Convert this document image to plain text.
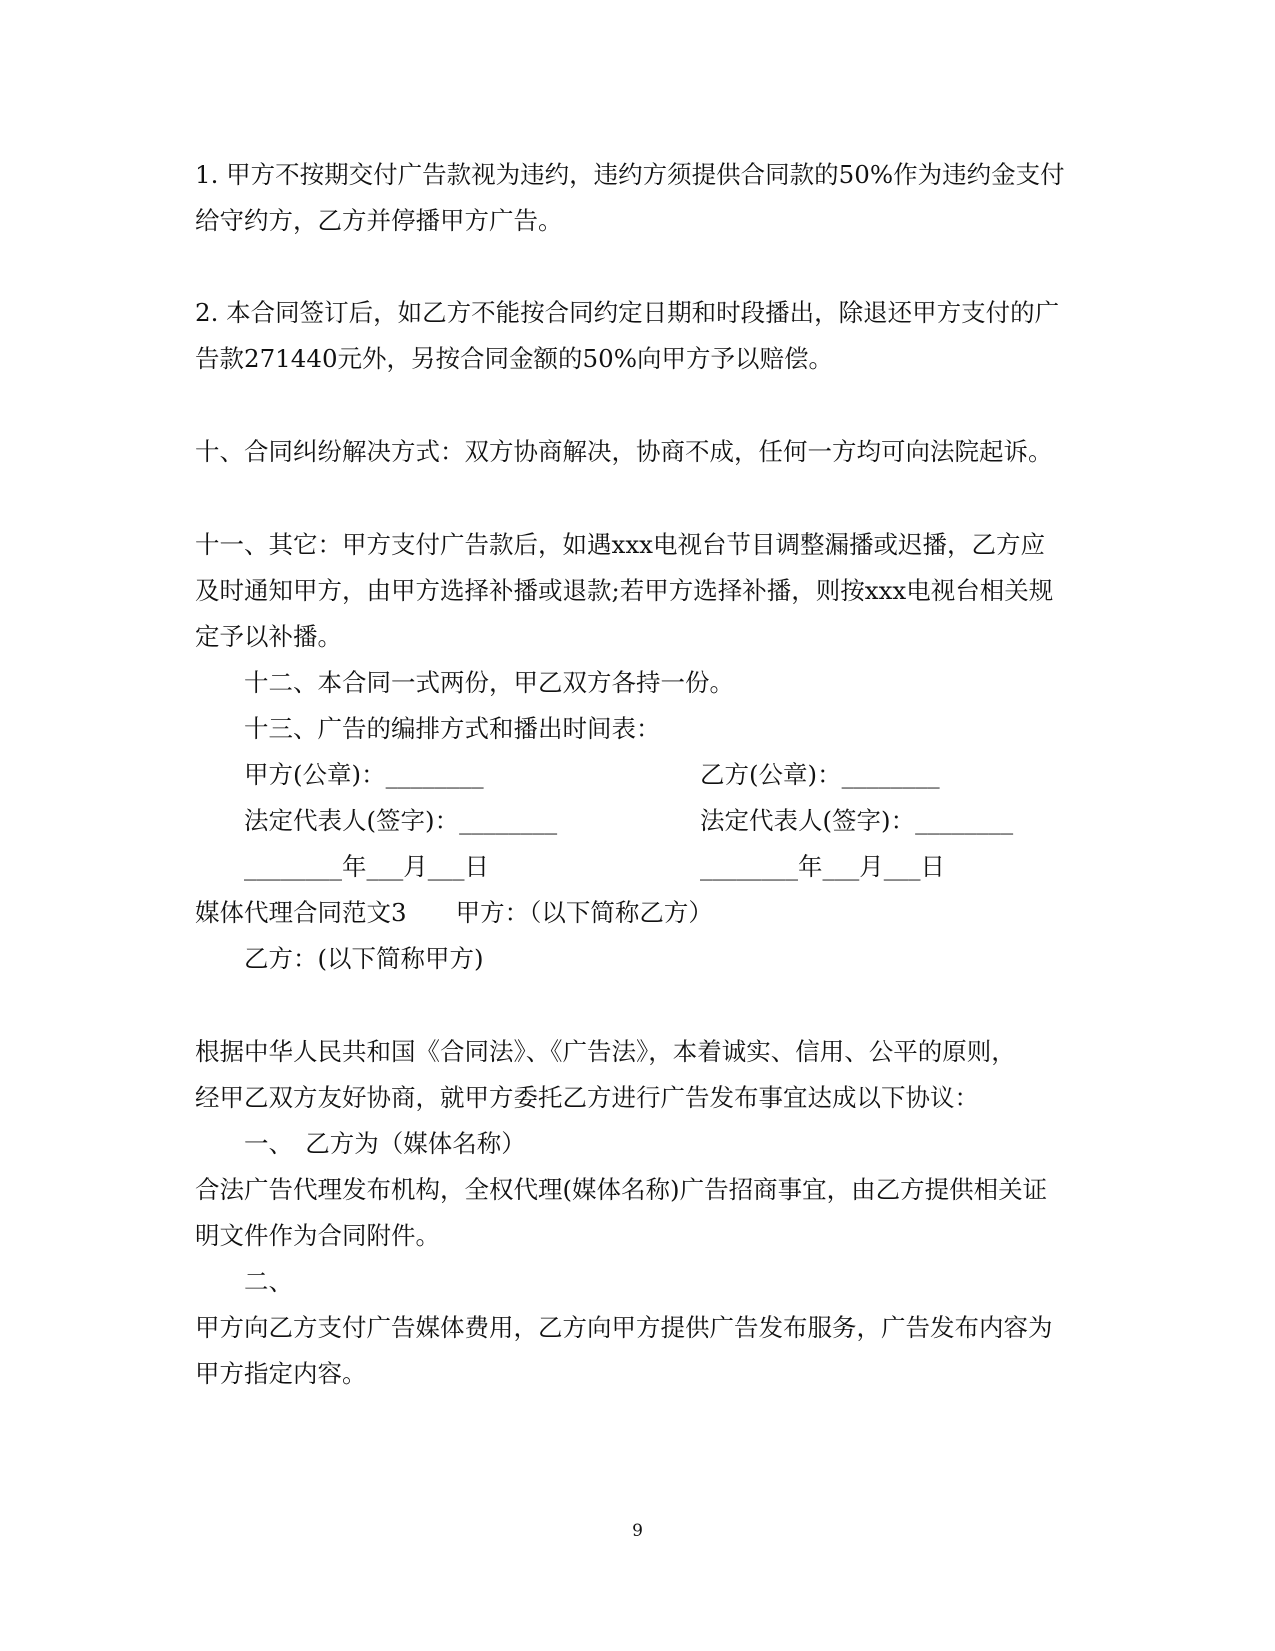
1. 甲方不按期交付广告款视为违约，违约方须提供合同款的50%作为违约金支付
给守约方，乙方并停播甲方广告。
2. 本合同签订后，如乙方不能按合同约定日期和时段播出，除退还甲方支付的广
告款271440元外，另按合同金额的50%向甲方予以赔偿。
十、合同纠纷解决方式：双方协商解决，协商不成，任何一方均可向法院起诉。
十一、其它：甲方支付广告款后，如遇xxx电视台节目调整漏播或迟播，乙方应
及时通知甲方，由甲方选择补播或退款;若甲方选择补播，则按xxx电视台相关规
定予以补播。
十二、本合同一式两份，甲乙双方各持一份。
十三、广告的编排方式和播出时间表：
甲方(公章)：________	乙方(公章)：________
法定代表人(签字)：________	法定代表人(签字)：________
________年___月___日	________年___月___日
媒体代理合同范文3　　甲方：（以下简称乙方）
乙方：(以下简称甲方)
根据中华人民共和国《合同法》、《广告法》，本着诚实、信用、公平的原则，
经甲乙双方友好协商，就甲方委托乙方进行广告发布事宜达成以下协议：
一、　乙方为（媒体名称）
合法广告代理发布机构，全权代理(媒体名称)广告招商事宜，由乙方提供相关证
明文件作为合同附件。
二、
甲方向乙方支付广告媒体费用，乙方向甲方提供广告发布服务，广告发布内容为
甲方指定内容。
9
